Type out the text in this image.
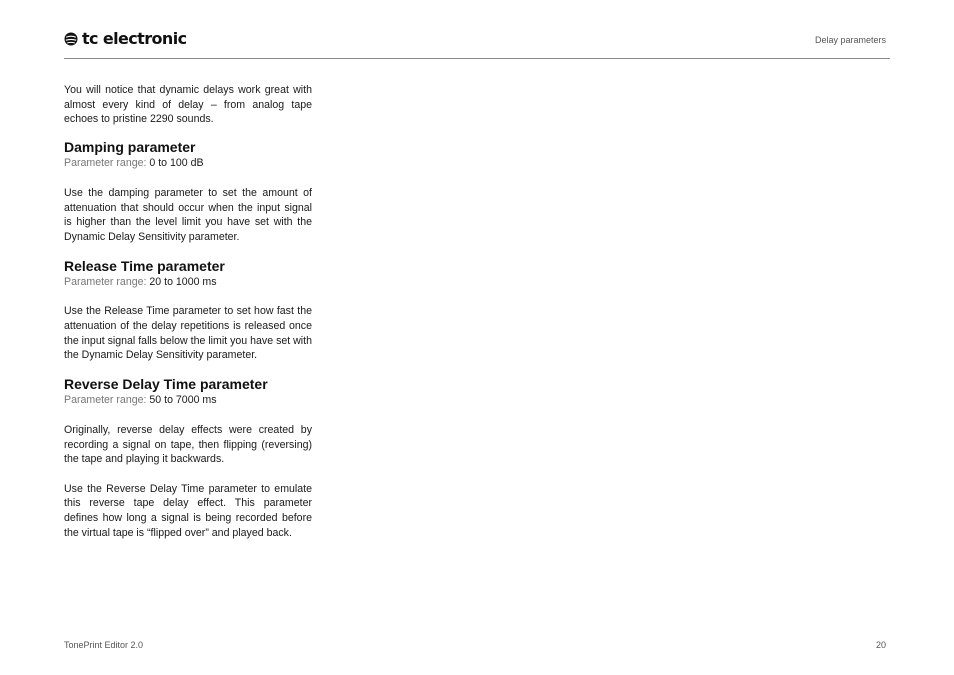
tc electronic	Delay parameters

You will notice that dynamic delays work great with almost every kind of delay – from analog tape echoes to pristine 2290 sounds.

Damping parameter

Parameter range: 0 to 100 dB

Use the damping parameter to set the amount of attenuation that should occur when the input signal is higher than the level limit you have set with the Dynamic Delay Sensitivity parameter.

Release Time parameter

Parameter range: 20 to 1000 ms

Use the Release Time parameter to set how fast the attenuation of the delay repetitions is released once the input signal falls below the limit you have set with the Dynamic Delay Sensitivity parameter.

Reverse Delay Time parameter

Parameter range: 50 to 7000 ms

Originally, reverse delay effects were created by recording a signal on tape, then flipping (reversing) the tape and playing it backwards.

Use the Reverse Delay Time parameter to emulate this reverse tape delay effect. This parameter defines how long a signal is being recorded before the virtual tape is “flipped over” and played back.

TonePrint Editor 2.0	20
